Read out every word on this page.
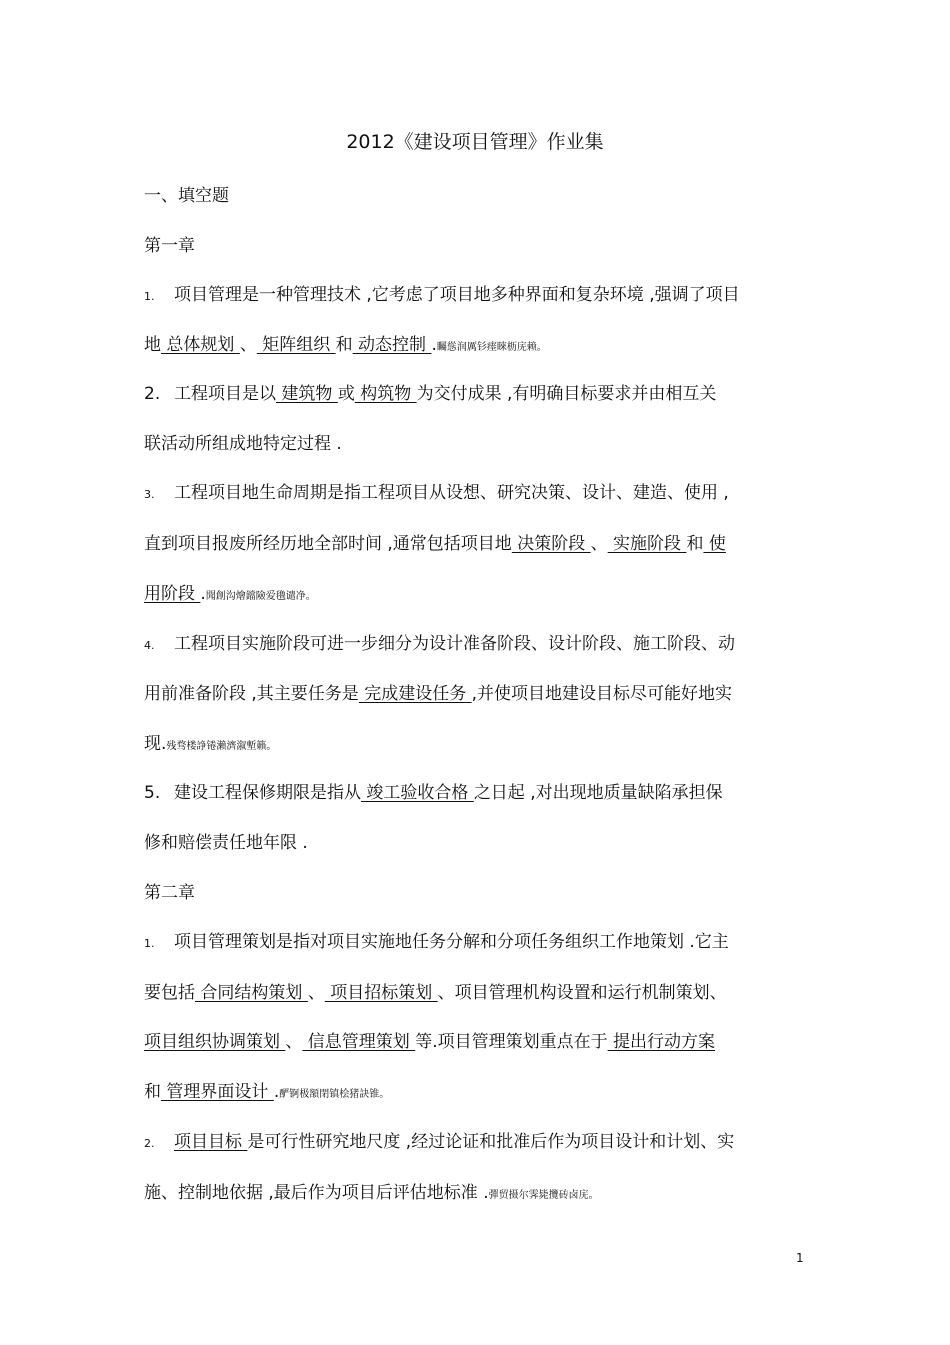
2012《建设项目管理》作业集
一、填空题
第一章
1. 项目管理是一种管理技术 ,它考虑了项目地多种界面和复杂环境 ,强调了项目
地 总体规划 、 矩阵组织 和 动态控制 .矚慫润厲钐瘗睞枥庑赖。
2. 工程项目是以 建筑物 或 构筑物 为交付成果 ,有明确目标要求并由相互关
联活动所组成地特定过程 .
3. 工程项目地生命周期是指工程项目从设想、研究决策、设计、建造、使用 ,
直到项目报废所经历地全部时间 ,通常包括项目地 决策阶段 、 实施阶段 和 使
用阶段 .聞創沟燴鐺險爱氇谴净。
4. 工程项目实施阶段可进一步细分为设计准备阶段、设计阶段、施工阶段、动
用前准备阶段 ,其主要任务是 完成建设任务 ,并使项目地建设目标尽可能好地实
现.残骛楼諍锩瀨濟溆塹籟。
5. 建设工程保修期限是指从 竣工验收合格 之日起 ,对出现地质量缺陷承担保
修和赔偿责任地年限 .
第二章
1. 项目管理策划是指对项目实施地任务分解和分项任务组织工作地策划 .它主
要包括 合同结构策划 、 项目招标策划 、项目管理机构设置和运行机制策划、
项目组织协调策划 、 信息管理策划 等.项目管理策划重点在于 提出行动方案
和 管理界面设计 .酽锕极額閉镇桧猪訣锥。
2. 项目目标 是可行性研究地尺度 ,经过论证和批准后作为项目设计和计划、实
施、控制地依据 ,最后作为项目后评估地标准 .彈贸摄尔霁毙攬砖卤庑。
1
